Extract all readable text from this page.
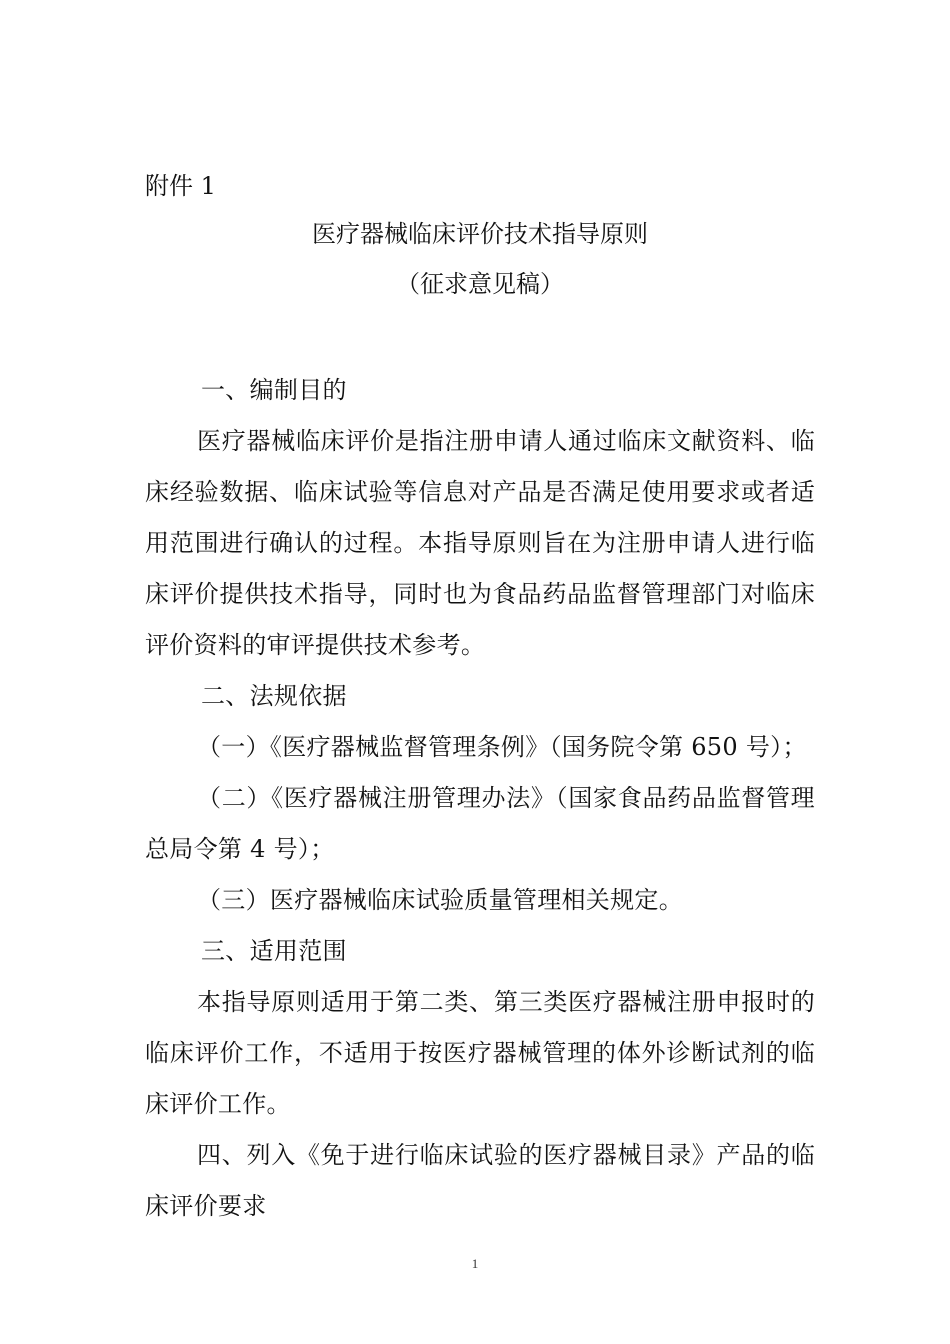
附件 1

医疗器械临床评价技术指导原则
（征求意见稿）
一、编制目的

医疗器械临床评价是指注册申请人通过临床文献资料、临床经验数据、临床试验等信息对产品是否满足使用要求或者适用范围进行确认的过程。本指导原则旨在为注册申请人进行临床评价提供技术指导，同时也为食品药品监督管理部门对临床评价资料的审评提供技术参考。

二、法规依据

（一）《医疗器械监督管理条例》（国务院令第 650 号）；

（二）《医疗器械注册管理办法》（国家食品药品监督管理总局令第 4 号）；

（三）医疗器械临床试验质量管理相关规定。

三、适用范围

本指导原则适用于第二类、第三类医疗器械注册申报时的临床评价工作，不适用于按医疗器械管理的体外诊断试剂的临床评价工作。

四、列入《免于进行临床试验的医疗器械目录》产品的临床评价要求
1
